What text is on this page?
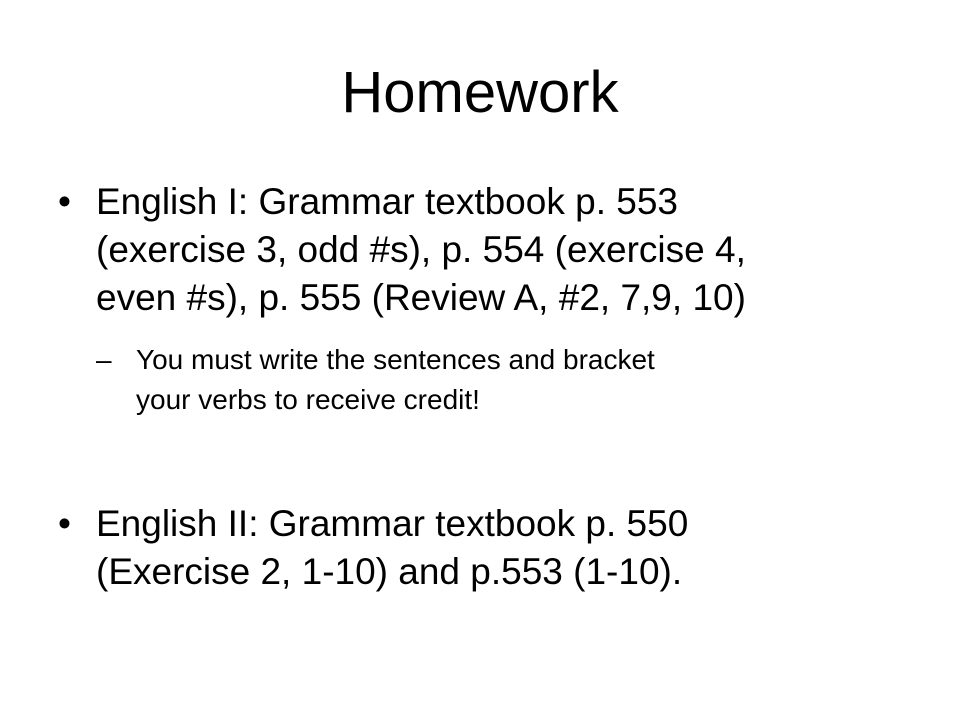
Homework
• English I: Grammar textbook p. 553
(exercise 3, odd #s), p. 554 (exercise 4,
even #s), p. 555 (Review A, #2, 7,9, 10)
– You must write the sentences and bracket
your verbs to receive credit!
• English II: Grammar textbook p. 550
(Exercise 2, 1-10) and p.553 (1-10).
